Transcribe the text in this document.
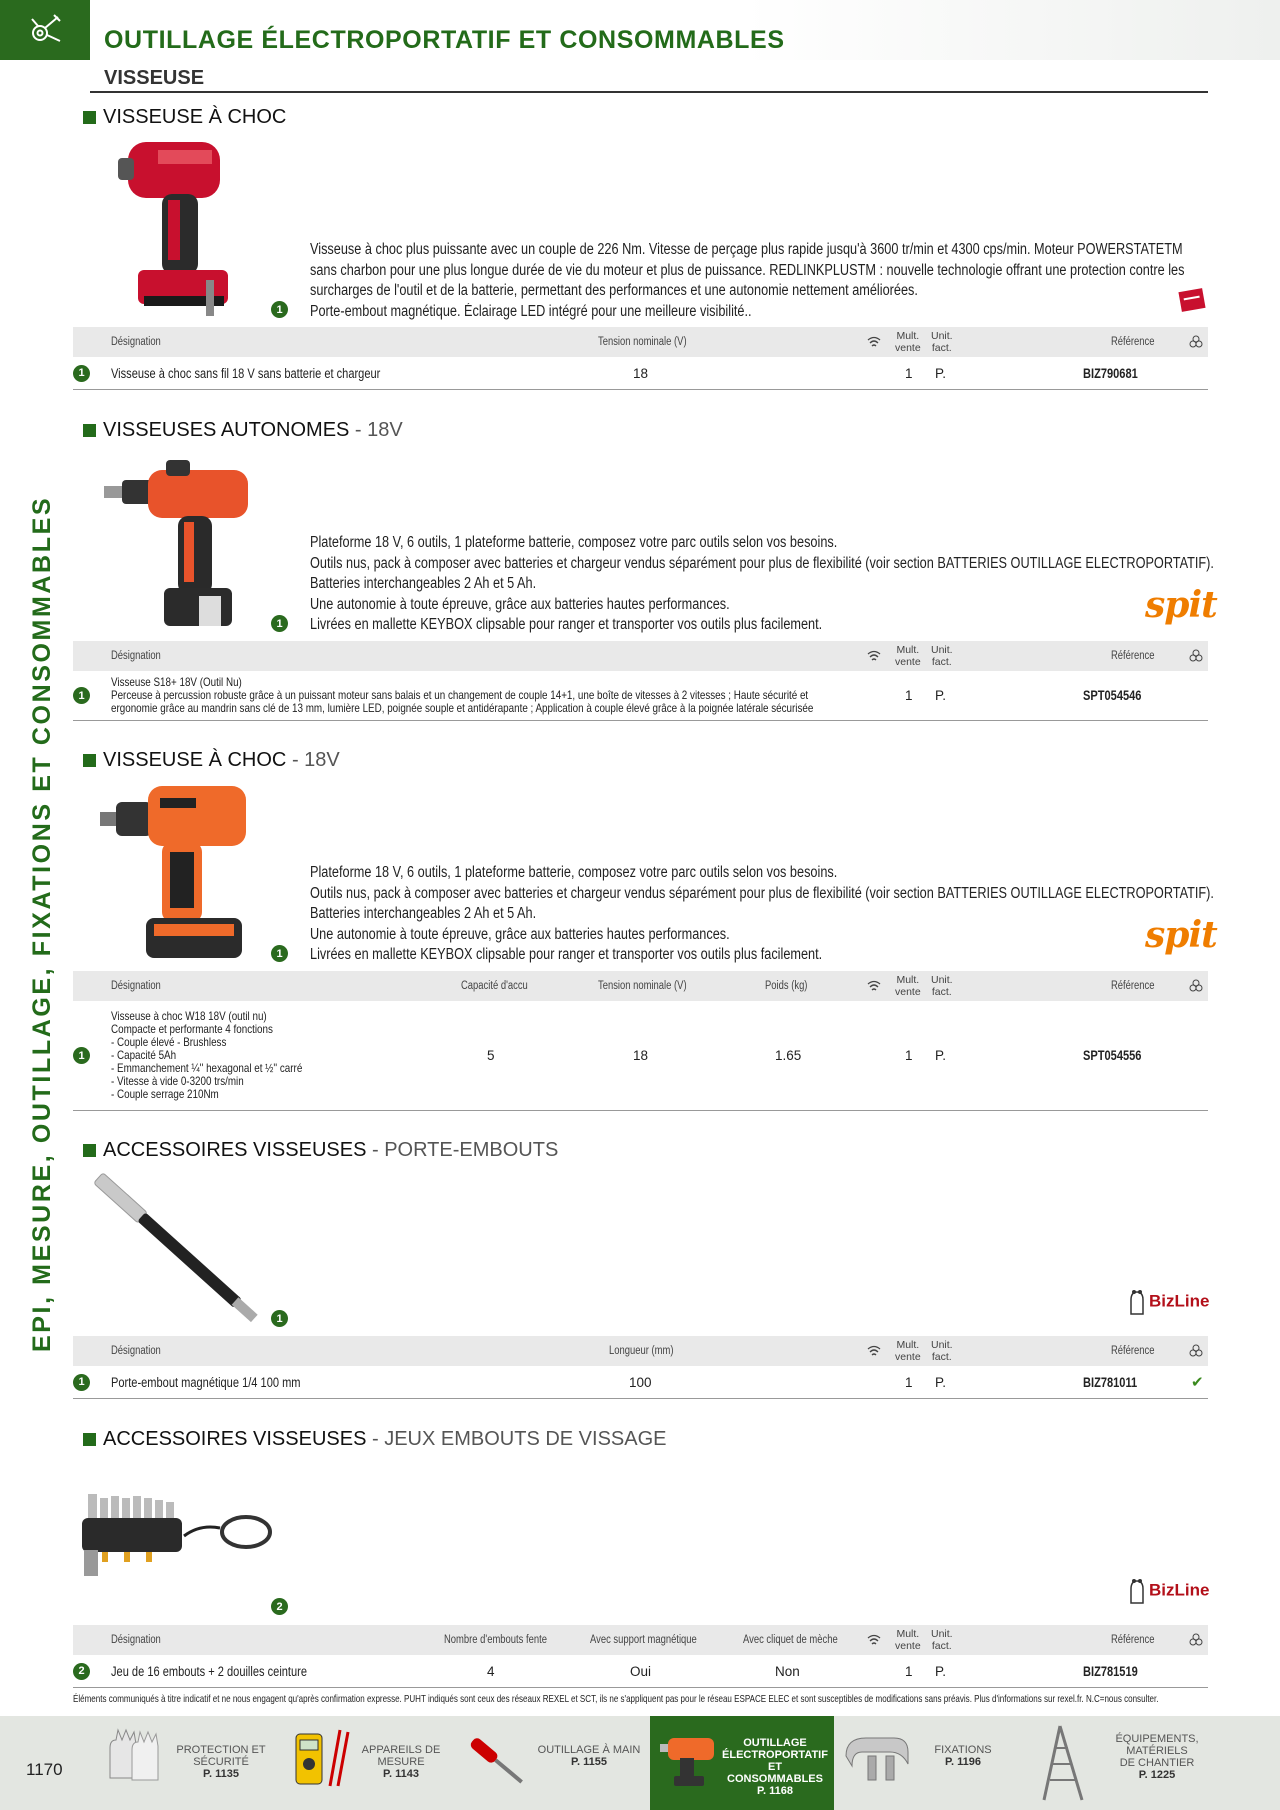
OUTILLAGE ÉLECTROPORTATIF ET CONSOMMABLES
VISSEUSE
EPI, MESURE, OUTILLAGE, FIXATIONS ET CONSOMMABLES
VISSEUSE À CHOC
1
Visseuse à choc plus puissante avec un couple de 226 Nm. Vitesse de perçage plus rapide jusqu'à 3600 tr/min et 4300 cps/min. Moteur POWERSTATETM
sans charbon pour une plus longue durée de vie du moteur et plus de puissance. REDLINKPLUSTM : nouvelle technologie offrant une protection contre les
surcharges de l'outil et de la batterie, permettant des performances et une autonomie nettement améliorées.
Porte-embout magnétique. Éclairage LED intégré pour une meilleure visibilité..
Désignation	Tension nominale (V)	Mult.
vente
Unit.
fact.	Référence
1	Visseuse à choc sans fil 18 V sans batterie et chargeur	18	1 P.	BIZ790681
VISSEUSES AUTONOMES - 18V
1
Plateforme 18 V, 6 outils, 1 plateforme batterie, composez votre parc outils selon vos besoins.
Outils nus, pack à composer avec batteries et chargeur vendus séparément pour plus de flexibilité (voir section BATTERIES OUTILLAGE ELECTROPORTATIF).
Batteries interchangeables 2 Ah et 5 Ah.
Une autonomie à toute épreuve, grâce aux batteries hautes performances.
Livrées en mallette KEYBOX clipsable pour ranger et transporter vos outils plus facilement.	spit
Désignation	Mult.
vente
Unit.
fact.	Référence
1
Visseuse S18+ 18V (Outil Nu)
Perceuse à percussion robuste grâce à un puissant moteur sans balais et un changement de couple 14+1, une boîte de vitesses à 2 vitesses ; Haute sécurité et
ergonomie grâce au mandrin sans clé de 13 mm, lumière LED, poignée souple et antidérapante ; Application à couple élevé grâce à la poignée latérale sécurisée
1 P.	SPT054546
VISSEUSE À CHOC - 18V
1
Plateforme 18 V, 6 outils, 1 plateforme batterie, composez votre parc outils selon vos besoins.
Outils nus, pack à composer avec batteries et chargeur vendus séparément pour plus de flexibilité (voir section BATTERIES OUTILLAGE ELECTROPORTATIF).
Batteries interchangeables 2 Ah et 5 Ah.
Une autonomie à toute épreuve, grâce aux batteries hautes performances.
Livrées en mallette KEYBOX clipsable pour ranger et transporter vos outils plus facilement.	spit
Désignation	Capacité d'accu	Tension nominale (V)	Poids (kg)	Mult.
vente
Unit.
fact.	Référence
1
Visseuse à choc W18 18V (outil nu)
Compacte et performante 4 fonctions
- Couple élevé - Brushless
- Capacité 5Ah
- Emmanchement ¼'' hexagonal et ½'' carré
- Vitesse à vide 0-3200 trs/min
- Couple serrage 210Nm
5	18	1.65	1 P.	SPT054556
ACCESSOIRES VISSEUSES - PORTE-EMBOUTS
1
BizLine
Désignation	Longueur (mm)	Mult.
vente
Unit.
fact.	Référence
1	Porte-embout magnétique 1/4 100 mm	100	1 P.	BIZ781011	✔
ACCESSOIRES VISSEUSES - JEUX EMBOUTS DE VISSAGE
2
BizLine
Désignation	Nombre d'embouts fente	Avec support magnétique	Avec cliquet de mèche	Mult.
vente
Unit.
fact.	Référence
2	Jeu de 16 embouts + 2 douilles ceinture	4	Oui	Non	1 P.	BIZ781519
Éléments communiqués à titre indicatif et ne nous engagent qu'après confirmation expresse. PUHT indiqués sont ceux des réseaux REXEL et SCT, ils ne s'appliquent pas pour le réseau ESPACE ELEC et sont susceptibles de modifications sans préavis. Plus d'informations sur rexel.fr. N.C=nous consulter.
1170
PROTECTION ET SÉCURITÉ
P. 1135
APPAREILS DE MESURE
P. 1143
OUTILLAGE À MAIN
P. 1155
OUTILLAGE ÉLECTROPORTATIF
ET CONSOMMABLES
P. 1168
FIXATIONS
P. 1196
ÉQUIPEMENTS, MATÉRIELS
DE CHANTIER
P. 1225
